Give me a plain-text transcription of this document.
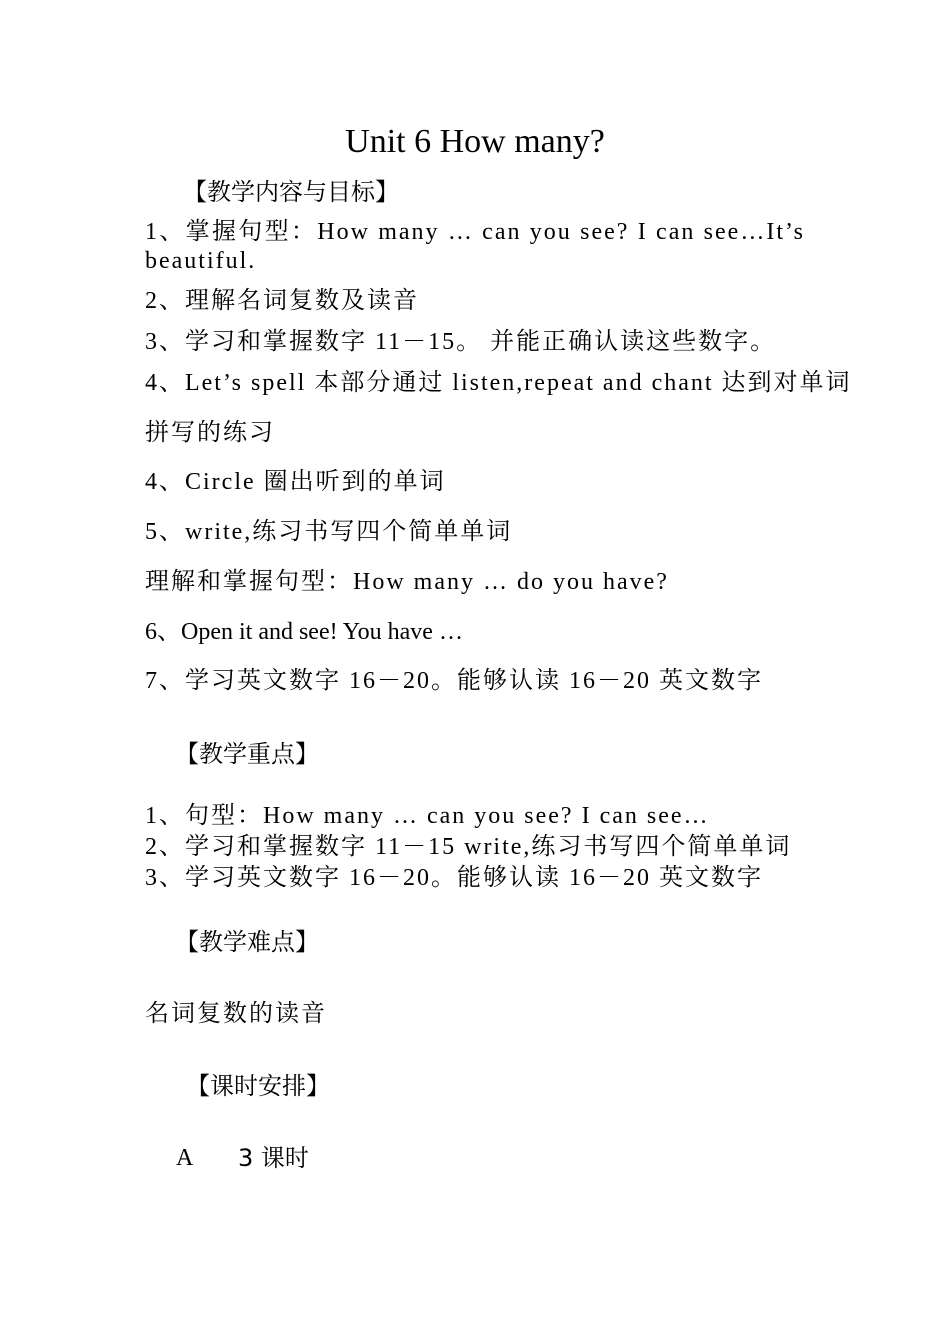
Unit 6 How many?
【教学内容与目标】
1、掌握句型：How many … can you see? I can see…It’s beautiful.
2、理解名词复数及读音
3、学习和掌握数字 11－15。 并能正确认读这些数字。
4、Let’s spell 本部分通过 listen,repeat and chant 达到对单词
拼写的练习
4、Circle 圈出听到的单词
5、write,练习书写四个简单单词
理解和掌握句型：How many … do you have?
6、Open it and see! You have …
7、学习英文数字 16－20。能够认读 16－20 英文数字
【教学重点】
1、句型：How many … can you see? I can see…
2、学习和掌握数字 11－15 write,练习书写四个简单单词
3、学习英文数字 16－20。能够认读 16－20 英文数字
【教学难点】
名词复数的读音
【课时安排】
A 3 课时
